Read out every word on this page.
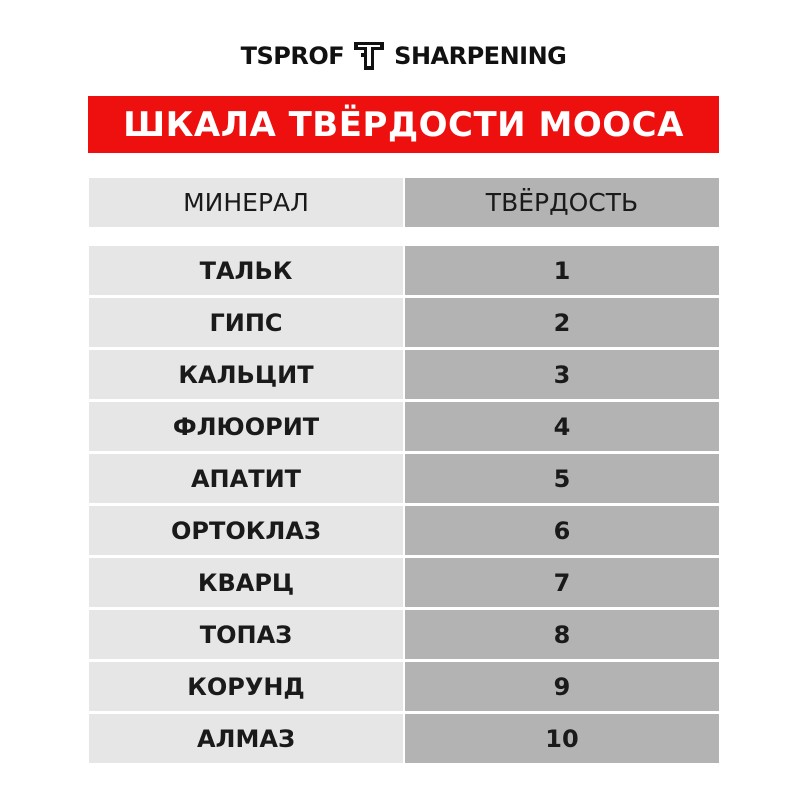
TSPROF SHARPENING
ШКАЛА ТВЁРДОСТИ МООСА
МИНЕРАЛ	ТВЁРДОСТЬ
ТАЛЬК	1
ГИПС	2
КАЛЬЦИТ	3
ФЛЮОРИТ	4
АПАТИТ	5
ОРТОКЛАЗ	6
КВАРЦ	7
ТОПАЗ	8
КОРУНД	9
АЛМАЗ	10
